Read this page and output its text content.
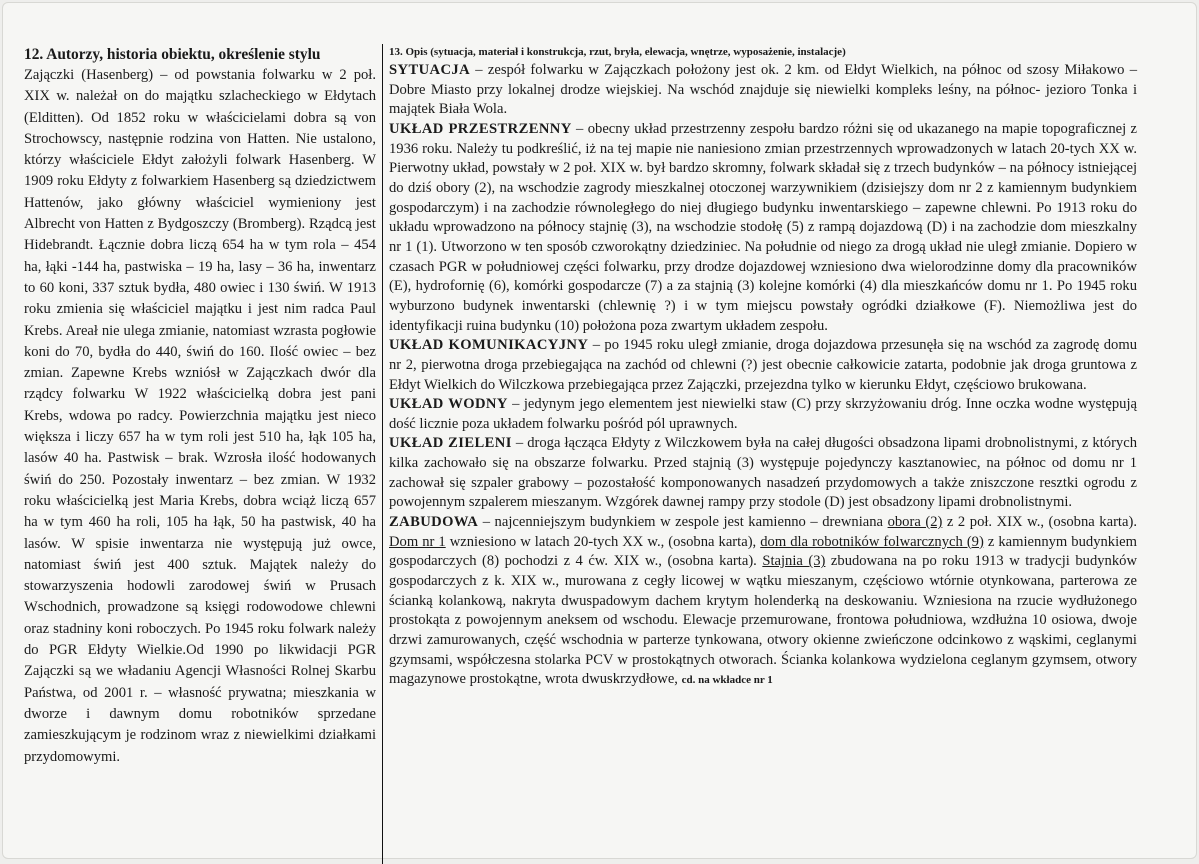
12. Autorzy, historia obiektu, określenie stylu

Zajączki (Hasenberg) – od powstania folwarku w 2 poł. XIX w. należał on do majątku szlacheckiego w Ełdytach (Elditten). Od 1852 roku w właścicielami dobra są von Strochowscy, następnie rodzina von Hatten. Nie ustalono, którzy właściciele Ełdyt założyli folwark Hasenberg. W 1909 roku Ełdyty z folwarkiem Hasenberg są dziedzictwem Hattenów, jako główny właściciel wymieniony jest Albrecht von Hatten z Bydgoszczy (Bromberg). Rządcą jest Hidebrandt. Łącznie dobra liczą 654 ha w tym rola – 454 ha, łąki -144 ha, pastwiska – 19 ha, lasy – 36 ha, inwentarz to 60 koni, 337 sztuk bydła, 480 owiec i 130 świń. W 1913 roku zmienia się właściciel majątku i jest nim radca Paul Krebs. Areał nie ulega zmianie, natomiast wzrasta pogłowie koni do 70, bydła do 440, świń do 160. Ilość owiec – bez zmian. Zapewne Krebs wzniósł w Zajączkach dwór dla rządcy folwarku W 1922 właścicielką dobra jest pani Krebs, wdowa po radcy. Powierzchnia majątku jest nieco większa i liczy 657 ha w tym roli jest 510 ha, łąk 105 ha, lasów 40 ha. Pastwisk – brak. Wzrosła ilość hodowanych świń do 250. Pozostały inwentarz – bez zmian. W 1932 roku właścicielką jest Maria Krebs, dobra wciąż liczą 657 ha w tym 460 ha roli, 105 ha łąk, 50 ha pastwisk, 40 ha lasów. W spisie inwentarza nie występują już owce, natomiast świń jest 400 sztuk. Majątek należy do stowarzyszenia hodowli zarodowej świń w Prusach Wschodnich, prowadzone są księgi rodowodowe chlewni oraz stadniny koni roboczych. Po 1945 roku folwark należy do PGR Ełdyty Wielkie.Od 1990 po likwidacji PGR Zajączki są we władaniu Agencji Własności Rolnej Skarbu Państwa, od 2001 r. – własność prywatna; mieszkania w dworze i dawnym domu robotników sprzedane zamieszkującym je rodzinom wraz z niewielkimi działkami przydomowymi.

13. Opis (sytuacja, materiał i konstrukcja, rzut, bryła, elewacja, wnętrze, wyposażenie, instalacje)

SYTUACJA – zespół folwarku w Zajączkach położony jest ok. 2 km. od Ełdyt Wielkich, na północ od szosy Miłakowo – Dobre Miasto przy lokalnej drodze wiejskiej. Na wschód znajduje się niewielki kompleks leśny, na północ- jezioro Tonka i majątek Biała Wola.

UKŁAD PRZESTRZENNY – obecny układ przestrzenny zespołu bardzo różni się od ukazanego na mapie topograficznej z 1936 roku. Należy tu podkreślić, iż na tej mapie nie naniesiono zmian przestrzennych wprowadzonych w latach 20-tych XX w. Pierwotny układ, powstały w 2 poł. XIX w. był bardzo skromny, folwark składał się z trzech budynków – na północy istniejącej do dziś obory (2), na wschodzie zagrody mieszkalnej otoczonej warzywnikiem (dzisiejszy dom nr 2 z kamiennym budynkiem gospodarczym) i na zachodzie równoległego do niej długiego budynku inwentarskiego – zapewne chlewni. Po 1913 roku do układu wprowadzono na północy stajnię (3), na wschodzie stodołę (5) z rampą dojazdową (D) i na zachodzie dom mieszkalny nr 1 (1). Utworzono w ten sposób czworokątny dziedziniec. Na południe od niego za drogą układ nie uległ zmianie. Dopiero w czasach PGR w południowej części folwarku, przy drodze dojazdowej wzniesiono dwa wielorodzinne domy dla pracowników (E), hydrofornię (6), komórki gospodarcze (7) a za stajnią (3) kolejne komórki (4) dla mieszkańców domu nr 1. Po 1945 roku wyburzono budynek inwentarski (chlewnię ?) i w tym miejscu powstały ogródki działkowe (F). Niemożliwa jest do identyfikacji ruina budynku (10) położona poza zwartym układem zespołu.

UKŁAD KOMUNIKACYJNY – po 1945 roku uległ zmianie, droga dojazdowa przesunęła się na wschód za zagrodę domu nr 2, pierwotna droga przebiegająca na zachód od chlewni (?) jest obecnie całkowicie zatarta, podobnie jak droga gruntowa z Ełdyt Wielkich do Wilczkowa przebiegająca przez Zajączki, przejezdna tylko w kierunku Ełdyt, częściowo brukowana.

UKŁAD WODNY – jedynym jego elementem jest niewielki staw (C) przy skrzyżowaniu dróg. Inne oczka wodne występują dość licznie poza układem folwarku pośród pól uprawnych.

UKŁAD ZIELENI – droga łącząca Ełdyty z Wilczkowem była na całej długości obsadzona lipami drobnolistnymi, z których kilka zachowało się na obszarze folwarku. Przed stajnią (3) występuje pojedynczy kasztanowiec, na północ od domu nr 1 zachował się szpaler grabowy – pozostałość komponowanych nasadzeń przydomowych a także zniszczone resztki ogrodu z powojennym szpalerem mieszanym. Wzgórek dawnej rampy przy stodole (D) jest obsadzony lipami drobnolistnymi.

ZABUDOWA – najcenniejszym budynkiem w zespole jest kamienno – drewniana obora (2) z 2 poł. XIX w., (osobna karta). Dom nr 1 wzniesiono w latach 20-tych XX w., (osobna karta), dom dla robotników folwarcznych (9) z kamiennym budynkiem gospodarczych (8) pochodzi z 4 ćw. XIX w., (osobna karta). Stajnia (3) zbudowana na po roku 1913 w tradycji budynków gospodarczych z k. XIX w., murowana z cegły licowej w wątku mieszanym, częściowo wtórnie otynkowana, parterowa ze ścianką kolankową, nakryta dwuspadowym dachem krytym holenderką na deskowaniu. Wzniesiona na rzucie wydłużonego prostokąta z powojennym aneksem od wschodu. Elewacje przemurowane, frontowa południowa, wzdłużna 10 osiowa, dwoje drzwi zamurowanych, część wschodnia w parterze tynkowana, otwory okienne zwieńczone odcinkowo z wąskimi, ceglanymi gzymsami, współczesna stolarka PCV w prostokątnych otworach. Ścianka kolankowa wydzielona ceglanym gzymsem, otwory magazynowe prostokątne, wrota dwuskrzydłowe, cd. na wkładce nr 1
